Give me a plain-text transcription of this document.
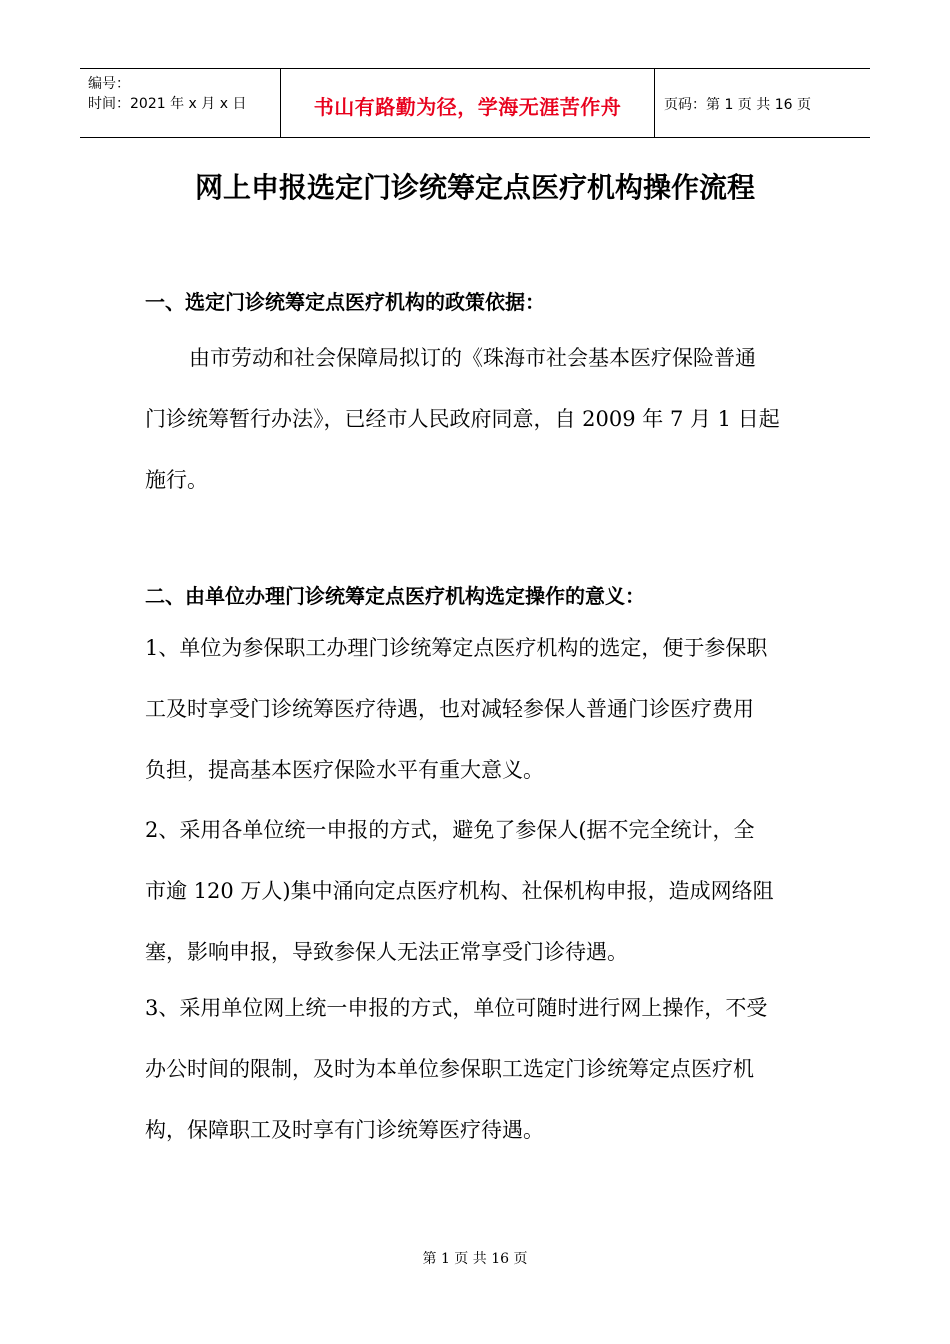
编号：
时间：2021 年 x 月 x 日	书山有路勤为径，学海无涯苦作舟	页码：第 1 页 共 16 页
网上申报选定门诊统筹定点医疗机构操作流程
一、选定门诊统筹定点医疗机构的政策依据：
由市劳动和社会保障局拟订的《珠海市社会基本医疗保险普通
门诊统筹暂行办法》，已经市人民政府同意，自 2009 年 7 月 1 日起
施行。
二、由单位办理门诊统筹定点医疗机构选定操作的意义：
1、单位为参保职工办理门诊统筹定点医疗机构的选定，便于参保职
工及时享受门诊统筹医疗待遇，也对减轻参保人普通门诊医疗费用
负担，提高基本医疗保险水平有重大意义。
2、采用各单位统一申报的方式，避免了参保人(据不完全统计，全
市逾 120 万人)集中涌向定点医疗机构、社保机构申报，造成网络阻
塞，影响申报，导致参保人无法正常享受门诊待遇。
3、采用单位网上统一申报的方式，单位可随时进行网上操作，不受
办公时间的限制，及时为本单位参保职工选定门诊统筹定点医疗机
构，保障职工及时享有门诊统筹医疗待遇。
第 1 页 共 16 页
